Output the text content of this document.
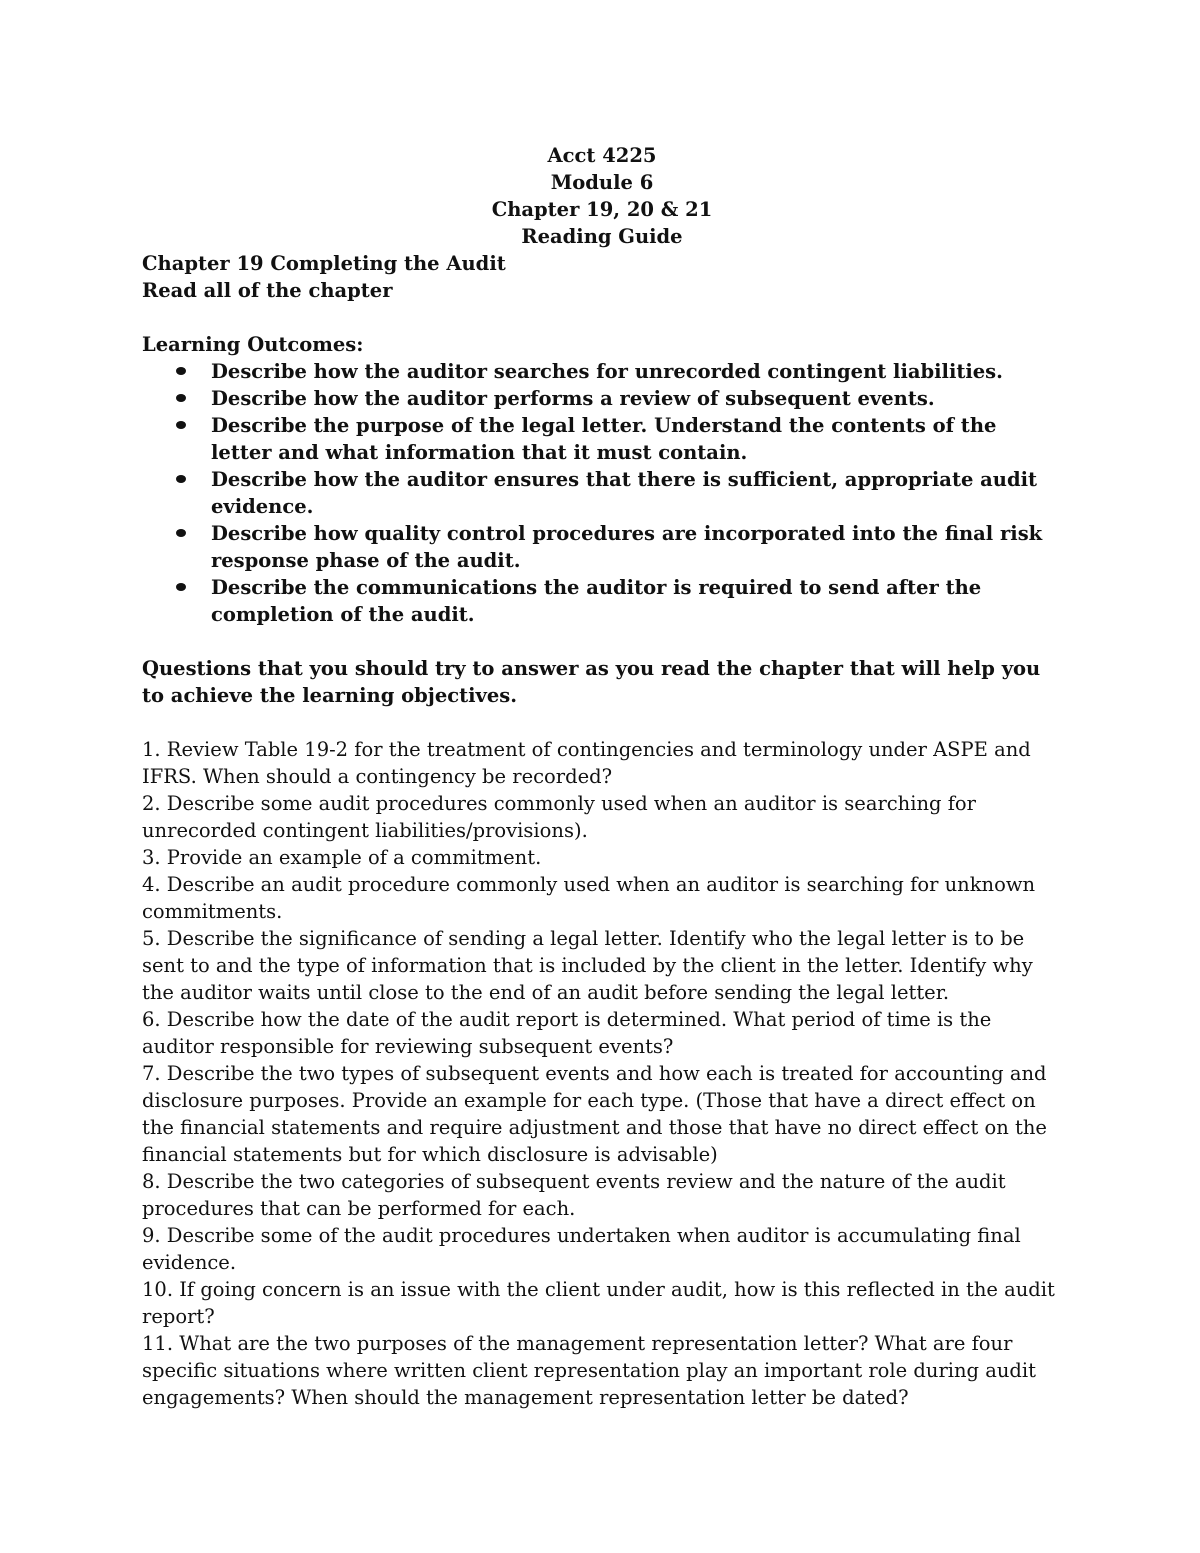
Acct 4225
Module 6
Chapter 19, 20 & 21
Reading Guide
Chapter 19 Completing the Audit
Read all of the chapter
Learning Outcomes:
Describe how the auditor searches for unrecorded contingent liabilities.
Describe how the auditor performs a review of subsequent events.
Describe the purpose of the legal letter. Understand the contents of the letter and what information that it must contain.
Describe how the auditor ensures that there is sufficient, appropriate audit evidence.
Describe how quality control procedures are incorporated into the final risk response phase of the audit.
Describe the communications the auditor is required to send after the completion of the audit.
Questions that you should try to answer as you read the chapter that will help you to achieve the learning objectives.
1. Review Table 19-2 for the treatment of contingencies and terminology under ASPE and IFRS. When should a contingency be recorded?
2. Describe some audit procedures commonly used when an auditor is searching for unrecorded contingent liabilities/provisions).
3. Provide an example of a commitment.
4. Describe an audit procedure commonly used when an auditor is searching for unknown commitments.
5. Describe the significance of sending a legal letter. Identify who the legal letter is to be sent to and the type of information that is included by the client in the letter. Identify why the auditor waits until close to the end of an audit before sending the legal letter.
6. Describe how the date of the audit report is determined. What period of time is the auditor responsible for reviewing subsequent events?
7. Describe the two types of subsequent events and how each is treated for accounting and disclosure purposes. Provide an example for each type. (Those that have a direct effect on the financial statements and require adjustment and those that have no direct effect on the financial statements but for which disclosure is advisable)
8. Describe the two categories of subsequent events review and the nature of the audit procedures that can be performed for each.
9. Describe some of the audit procedures undertaken when auditor is accumulating final evidence.
10. If going concern is an issue with the client under audit, how is this reflected in the audit report?
11. What are the two purposes of the management representation letter? What are four specific situations where written client representation play an important role during audit engagements? When should the management representation letter be dated?
